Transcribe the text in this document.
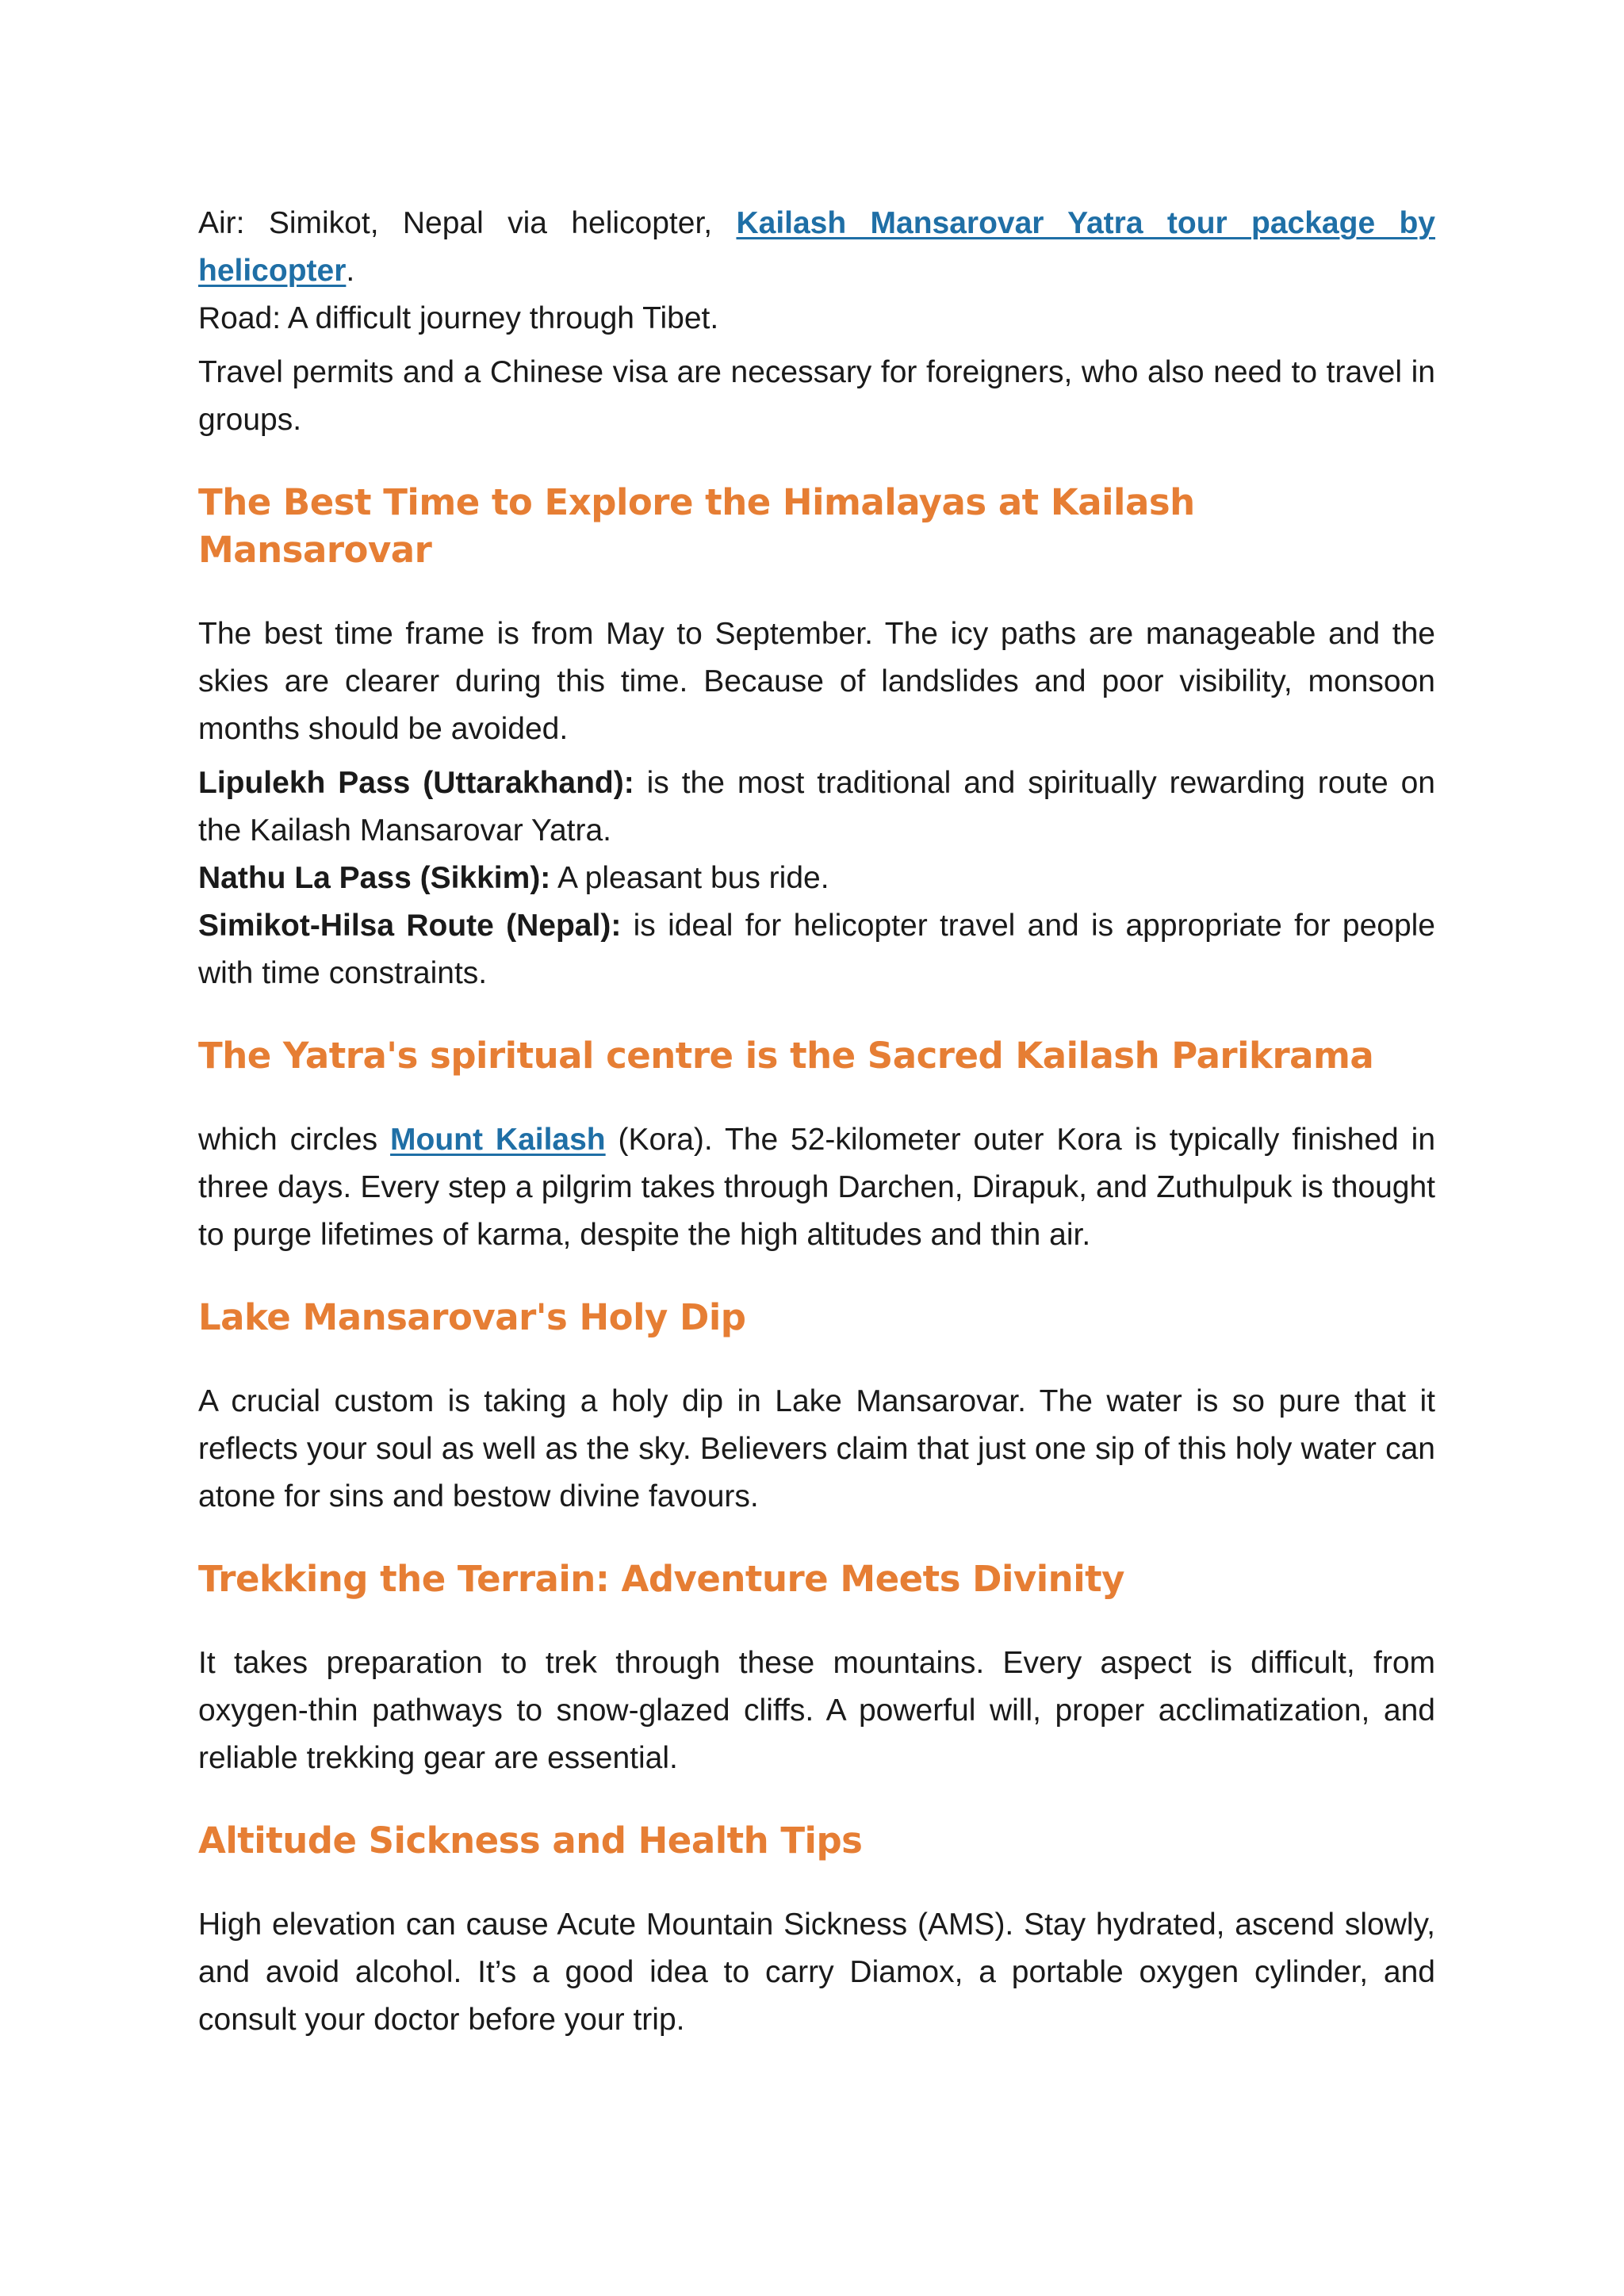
Air: Simikot, Nepal via helicopter, Kailash Mansarovar Yatra tour package by helicopter.

Road: A difficult journey through Tibet.

Travel permits and a Chinese visa are necessary for foreigners, who also need to travel in groups.

The Best Time to Explore the Himalayas at Kailash Mansarovar

The best time frame is from May to September. The icy paths are manageable and the skies are clearer during this time. Because of landslides and poor visibility, monsoon months should be avoided.

Lipulekh Pass (Uttarakhand): is the most traditional and spiritually rewarding route on the Kailash Mansarovar Yatra.

Nathu La Pass (Sikkim): A pleasant bus ride.

Simikot-Hilsa Route (Nepal): is ideal for helicopter travel and is appropriate for people with time constraints.

The Yatra's spiritual centre is the Sacred Kailash Parikrama

which circles Mount Kailash (Kora). The 52-kilometer outer Kora is typically finished in three days. Every step a pilgrim takes through Darchen, Dirapuk, and Zuthulpuk is thought to purge lifetimes of karma, despite the high altitudes and thin air.

Lake Mansarovar's Holy Dip

A crucial custom is taking a holy dip in Lake Mansarovar. The water is so pure that it reflects your soul as well as the sky. Believers claim that just one sip of this holy water can atone for sins and bestow divine favours.

Trekking the Terrain: Adventure Meets Divinity

It takes preparation to trek through these mountains. Every aspect is difficult, from oxygen-thin pathways to snow-glazed cliffs. A powerful will, proper acclimatization, and reliable trekking gear are essential.

Altitude Sickness and Health Tips

High elevation can cause Acute Mountain Sickness (AMS). Stay hydrated, ascend slowly, and avoid alcohol. It’s a good idea to carry Diamox, a portable oxygen cylinder, and consult your doctor before your trip.
